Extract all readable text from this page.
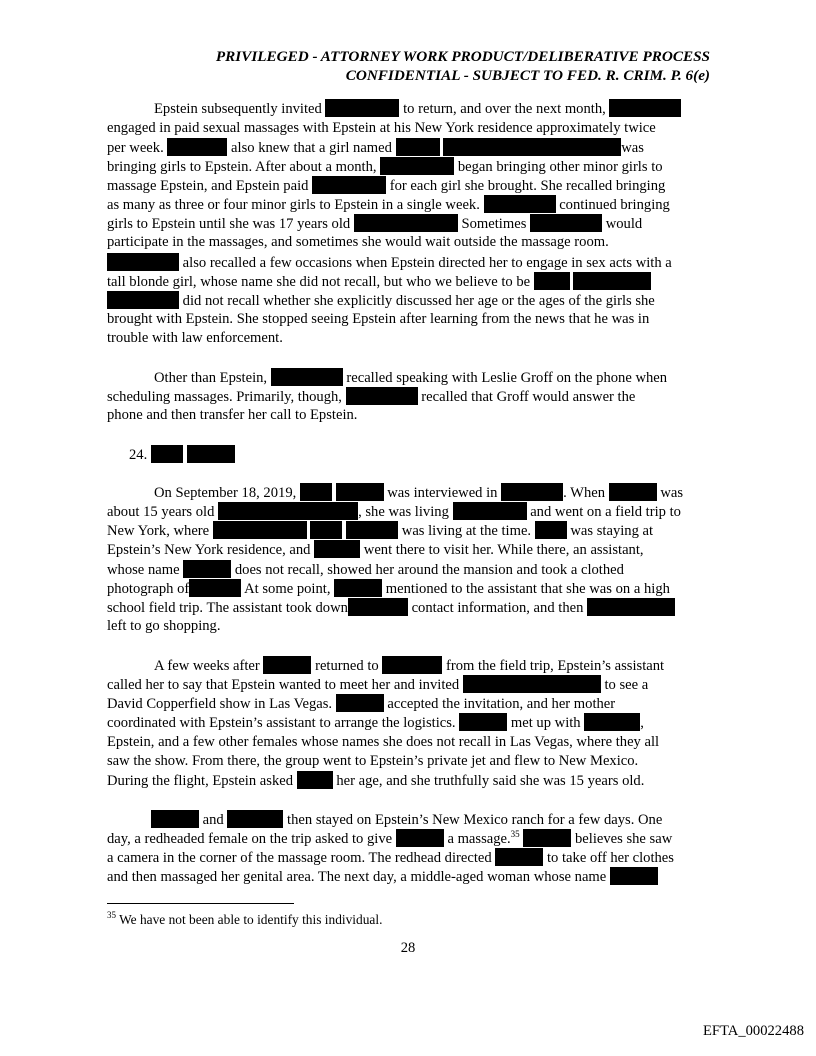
PRIVILEGED - ATTORNEY WORK PRODUCT/DELIBERATIVE PROCESS
CONFIDENTIAL - SUBJECT TO FED. R. CRIM. P. 6(e)
Epstein subsequently invited	to return, and over the next month,
engaged in paid sexual massages with Epstein at his New York residence approximately twice
per week.	also knew that a girl named	was
bringing girls to Epstein. After about a month,	began bringing other minor girls to
massage Epstein, and Epstein paid	for each girl she brought. She recalled bringing
as many as three or four minor girls to Epstein in a single week.	continued bringing
girls to Epstein until she was 17 years old	Sometimes	would
participate in the massages, and sometimes she would wait outside the massage room.
also recalled a few occasions when Epstein directed her to engage in sex acts with a
tall blonde girl, whose name she did not recall, but who we believe to be
did not recall whether she explicitly discussed her age or the ages of the girls she
brought with Epstein. She stopped seeing Epstein after learning from the news that he was in
trouble with law enforcement.
Other than Epstein,	recalled speaking with Leslie Groff on the phone when
scheduling massages. Primarily, though,	recalled that Groff would answer the
phone and then transfer her call to Epstein.
24.
On September 18, 2019,	was interviewed in	. When	was
about 15 years old	, she was living	and went on a field trip to
New York, where	was living at the time.	was staying at
Epstein’s New York residence, and	went there to visit her. While there, an assistant,
whose name	does not recall, showed her around the mansion and took a clothed
photograph of	At some point,	mentioned to the assistant that she was on a high
school field trip. The assistant took down	contact information, and then
left to go shopping.
A few weeks after	returned to	from the field trip, Epstein’s assistant
called her to say that Epstein wanted to meet her and invited	to see a
David Copperfield show in Las Vegas.	accepted the invitation, and her mother
coordinated with Epstein’s assistant to arrange the logistics.	met up with	,
Epstein, and a few other females whose names she does not recall in Las Vegas, where they all
saw the show. From there, the group went to Epstein’s private jet and flew to New Mexico.
During the flight, Epstein asked	her age, and she truthfully said she was 15 years old.
and	then stayed on Epstein’s New Mexico ranch for a few days. One
day, a redheaded female on the trip asked to give	a massage.$^{35}$	believes she saw
a camera in the corner of the massage room. The redhead directed	to take off her clothes
and then massaged her genital area. The next day, a middle-aged woman whose name
$^{35}$ We have not been able to identify this individual.
28
EFTA_00022488
